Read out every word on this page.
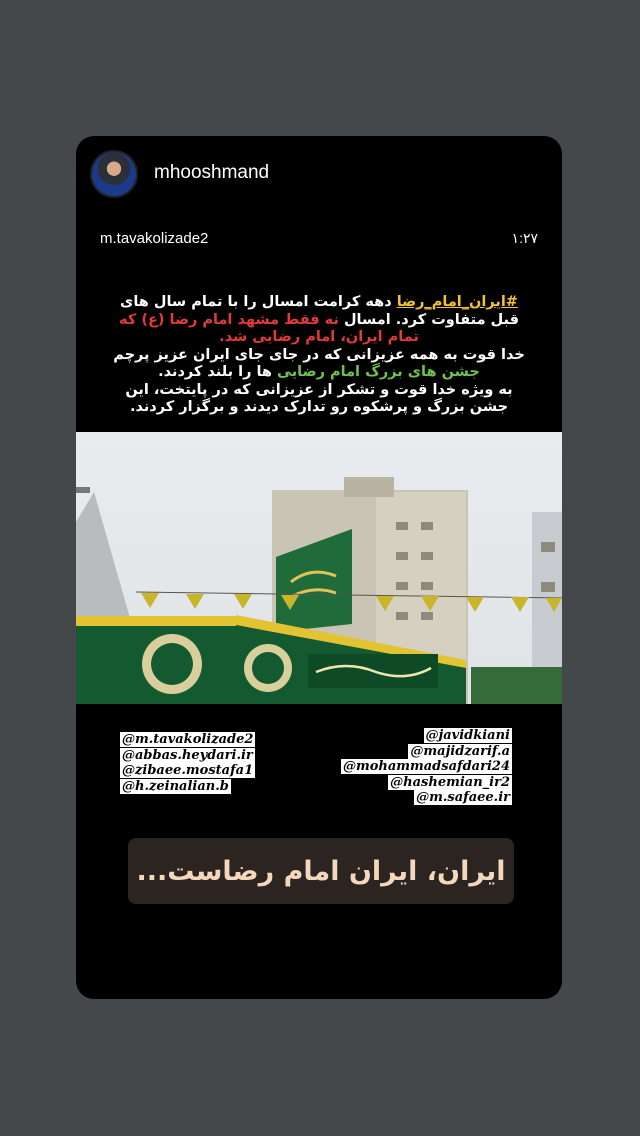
mhooshmand
m.tavakolizade2	۱:۲۷
#ایران_امام_رضا دهه کرامت امسال را با تمام سال های
قبل متفاوت کرد. امسال نه فقط مشهد امام رضا (ع) که
تمام ایران، امام رضایی شد.
خدا قوت به همه عزیزانی که در جای جای ایران عزیز پرچم
جشن های بزرگ امام رضایی ها را بلند کردند.
به ویژه خدا قوت و تشکر از عزیزانی که در پایتخت، این
جشن بزرگ و پرشکوه رو تدارک دیدند و برگزار کردند.
@m.tavakolizade2
@abbas.heydari.ir
@zibaee.mostafa1
@h.zeinalian.b
@javidkiani
@majidzarif.a
@mohammadsafdari24
@hashemian_ir2
@m.safaee.ir
ایران، ایران امام رضاست...
